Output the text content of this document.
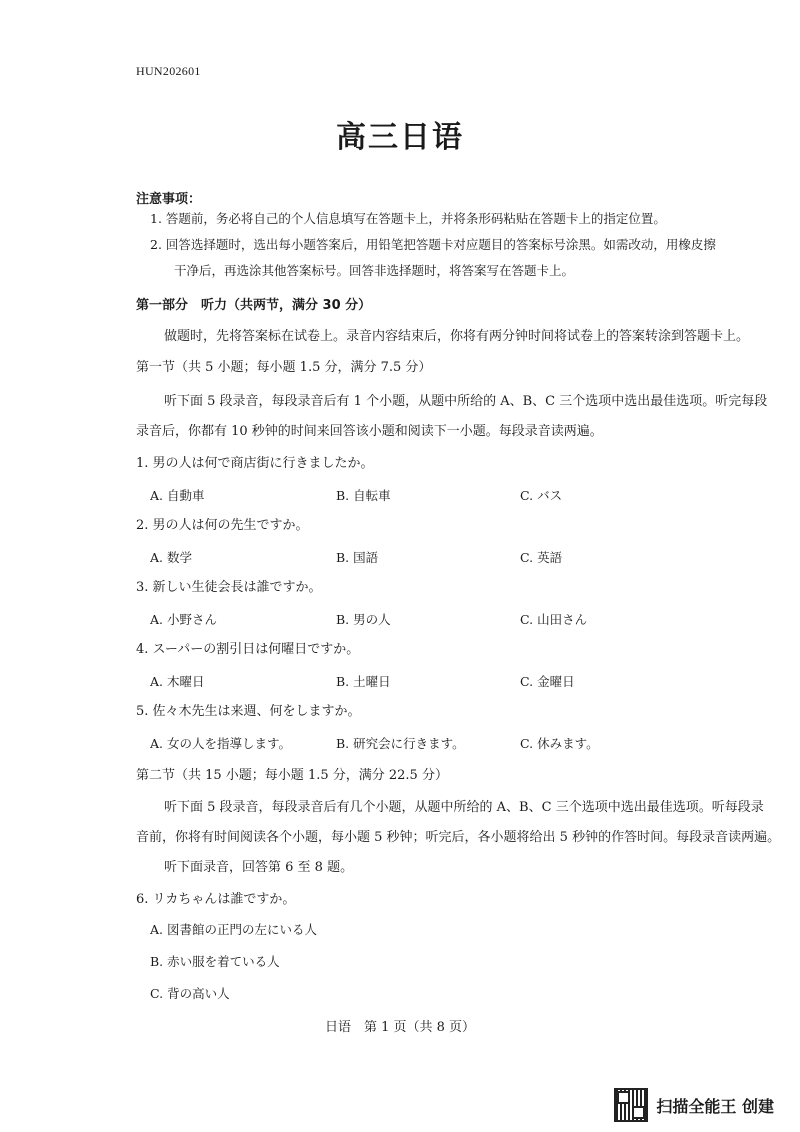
HUN202601
高三日语
注意事项：
1. 答题前，务必将自己的个人信息填写在答题卡上，并将条形码粘贴在答题卡上的指定位置。
2. 回答选择题时，选出每小题答案后，用铅笔把答题卡对应题目的答案标号涂黑。如需改动，用橡皮擦
干净后，再选涂其他答案标号。回答非选择题时，将答案写在答题卡上。
第一部分　听力（共两节，满分 30 分）
做题时，先将答案标在试卷上。录音内容结束后，你将有两分钟时间将试卷上的答案转涂到答题卡上。
第一节（共 5 小题；每小题 1.5 分，满分 7.5 分）
听下面 5 段录音，每段录音后有 1 个小题，从题中所给的 A、B、C 三个选项中选出最佳选项。听完每段
录音后，你都有 10 秒钟的时间来回答该小题和阅读下一小题。每段录音读两遍。
1. 男の人は何で商店街に行きましたか。
A. 自動車	B. 自転車	C. バス
2. 男の人は何の先生ですか。
A. 数学	B. 国語	C. 英語
3. 新しい生徒会長は誰ですか。
A. 小野さん	B. 男の人	C. 山田さん
4. スーパーの割引日は何曜日ですか。
A. 木曜日	B. 土曜日	C. 金曜日
5. 佐々木先生は来週、何をしますか。
A. 女の人を指導します。	B. 研究会に行きます。	C. 休みます。
第二节（共 15 小题；每小题 1.5 分，满分 22.5 分）
听下面 5 段录音，每段录音后有几个小题，从题中所给的 A、B、C 三个选项中选出最佳选项。听每段录
音前，你将有时间阅读各个小题，每小题 5 秒钟；听完后，各小题将给出 5 秒钟的作答时间。每段录音读两遍。
听下面录音，回答第 6 至 8 题。
6. リカちゃんは誰ですか。
A. 図書館の正門の左にいる人
B. 赤い服を着ている人
C. 背の高い人
日语　第 1 页（共 8 页）
扫描全能王 创建
